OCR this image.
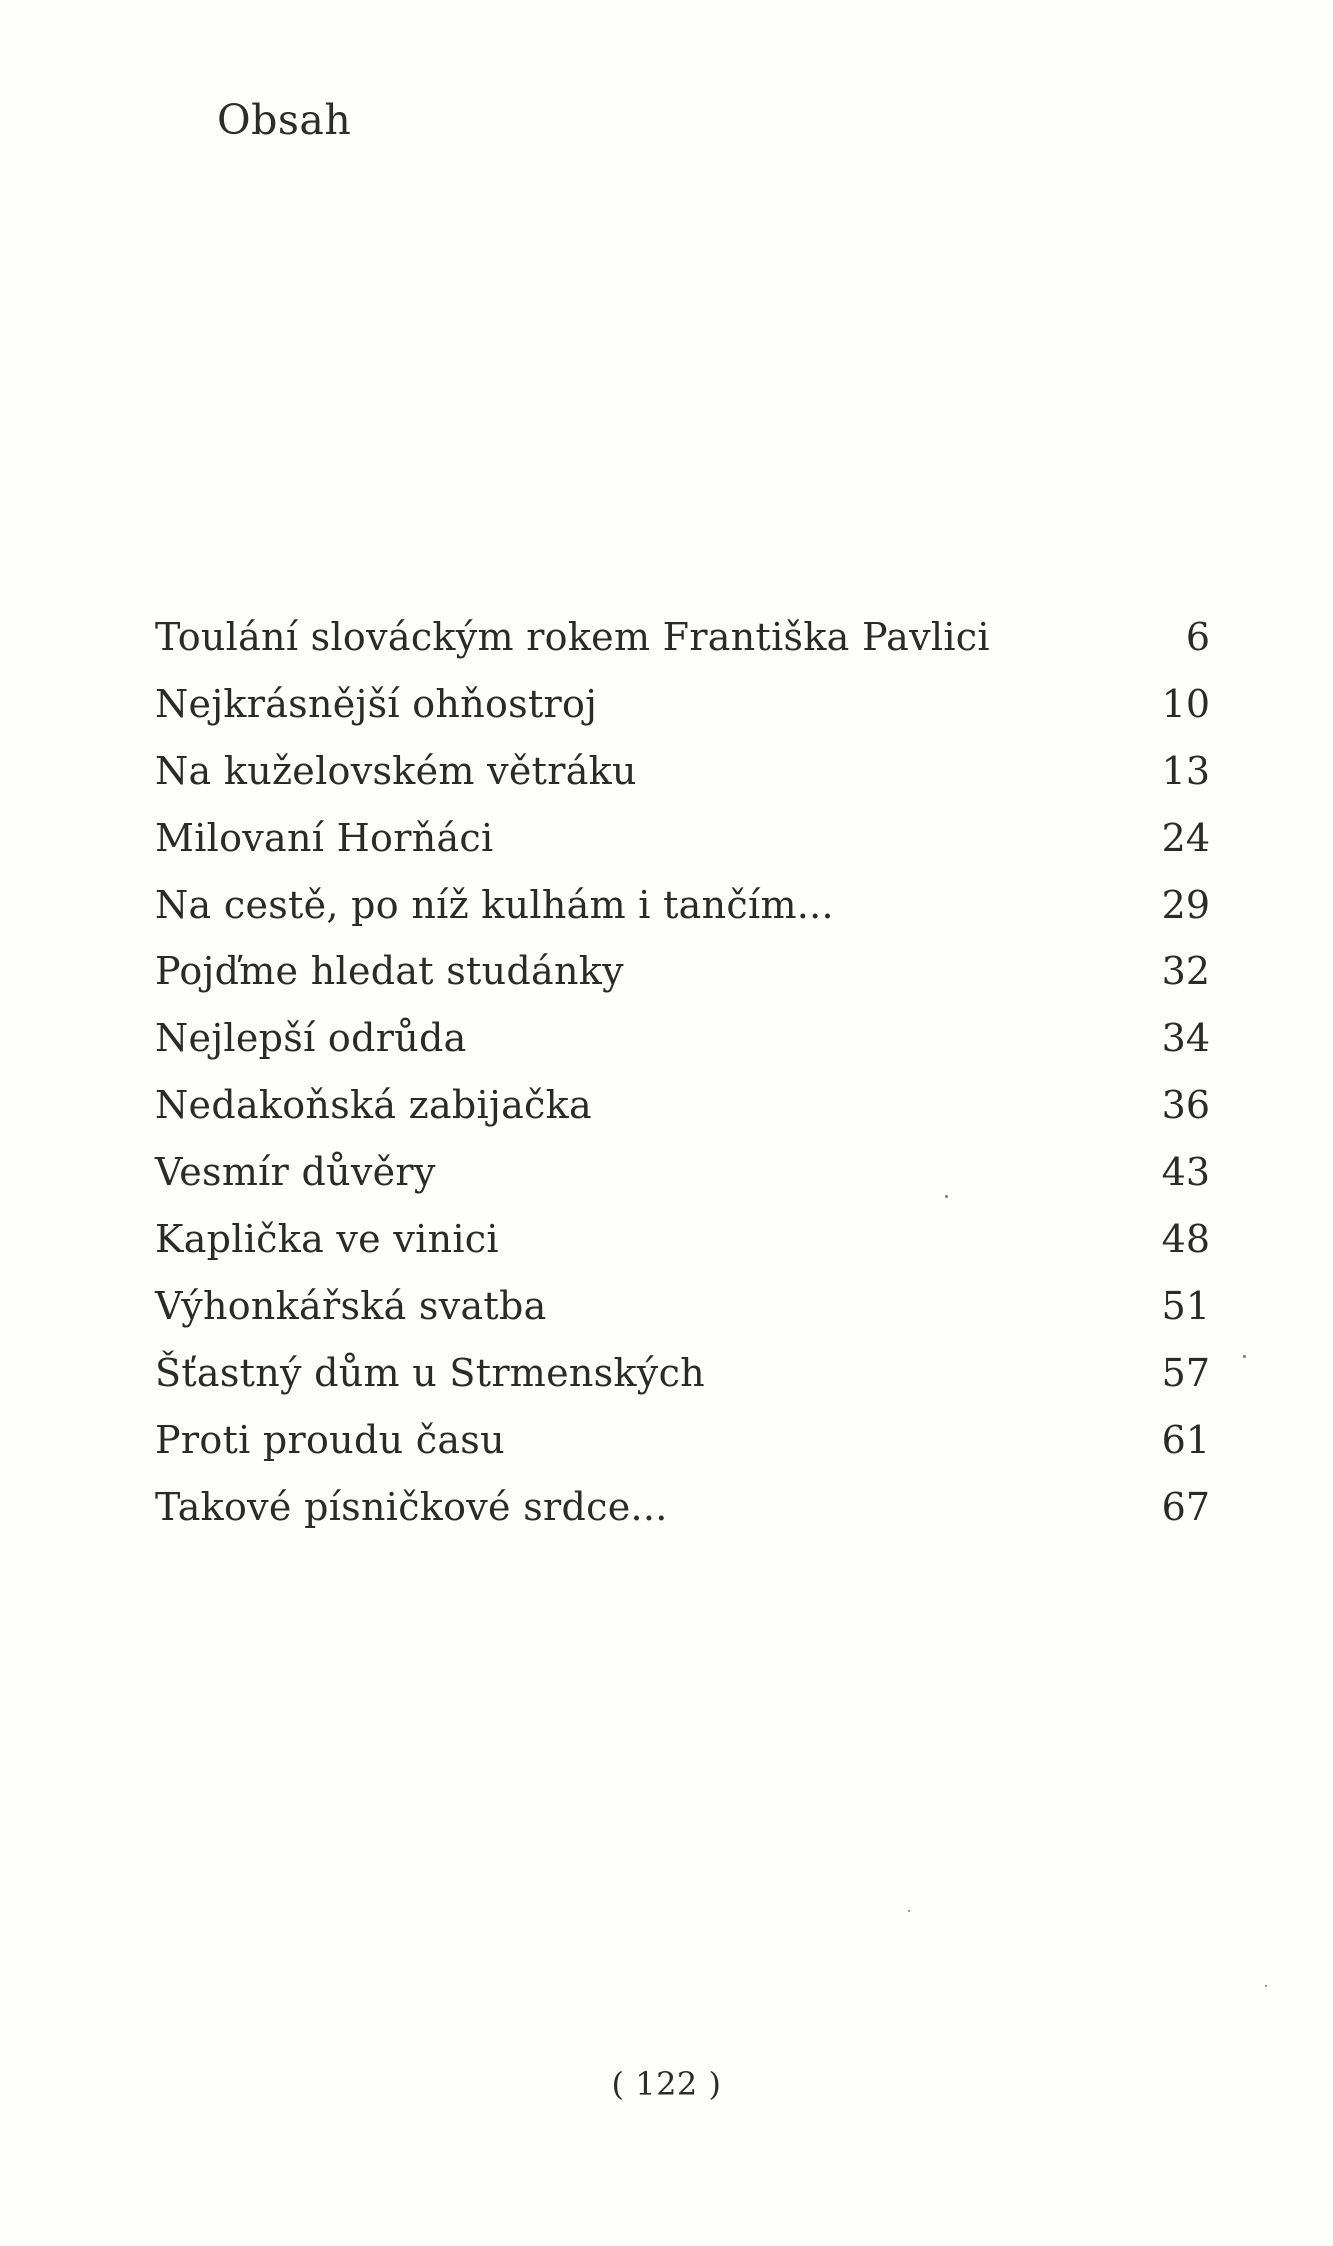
Obsah
Toulání slováckým rokem Františka Pavlici	6
Nejkrásnější ohňostroj	10
Na kuželovském větráku	13
Milovaní Horňáci	24
Na cestě, po níž kulhám i tančím...	29
Pojďme hledat studánky	32
Nejlepší odrůda	34
Nedakoňská zabijačka	36
Vesmír důvěry	43
Kaplička ve vinici	48
Výhonkářská svatba	51
Šťastný dům u Strmenských	57
Proti proudu času	61
Takové písničkové srdce...	67
( 122 )
